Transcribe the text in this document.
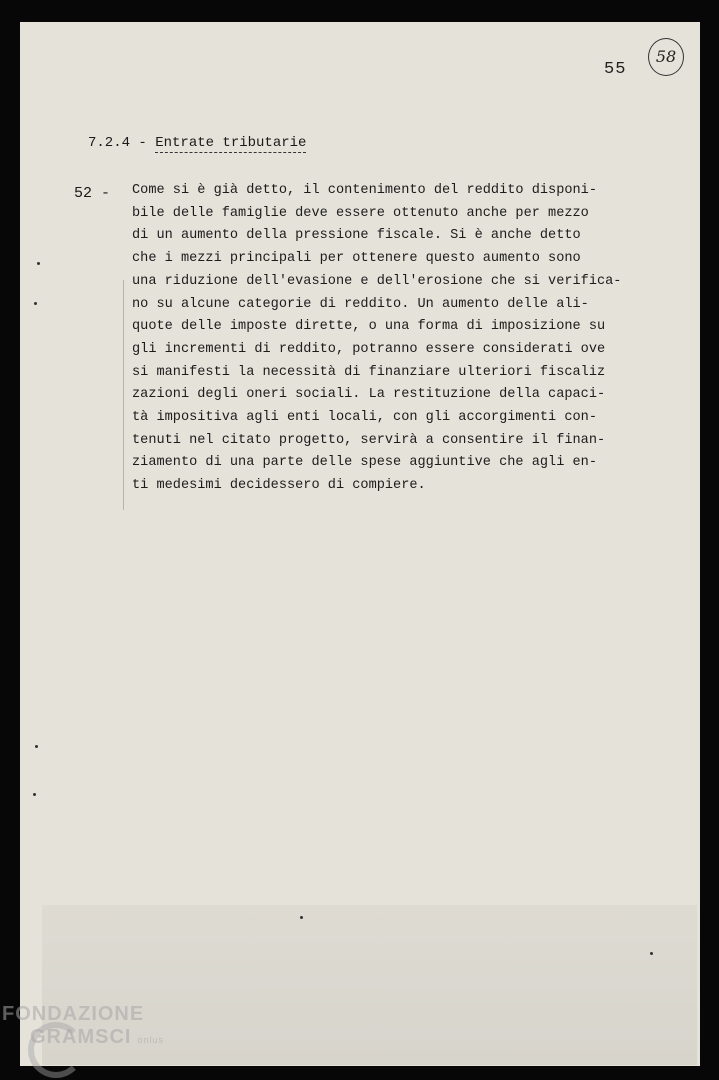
55
58
7.2.4 - Entrate tributarie
52 - Come si è già detto, il contenimento del reddito disponi-
bile delle famiglie deve essere ottenuto anche per mezzo
di un aumento della pressione fiscale. Si è anche detto
che i mezzi principali per ottenere questo aumento sono
una riduzione dell'evasione e dell'erosione che si verifica-
no su alcune categorie di reddito. Un aumento delle ali-
quote delle imposte dirette, o una forma di imposizione su
gli incrementi di reddito, potranno essere considerati ove
si manifesti la necessità di finanziare ulteriori fiscaliz
zazioni degli oneri sociali. La restituzione della capaci-
tà impositiva agli enti locali, con gli accorgimenti con-
tenuti nel citato progetto, servirà a consentire il finan-
ziamento di una parte delle spese aggiuntive che agli en-
ti medesimi decidessero di compiere.
FONDAZIONE
GRAMSCI onlus
